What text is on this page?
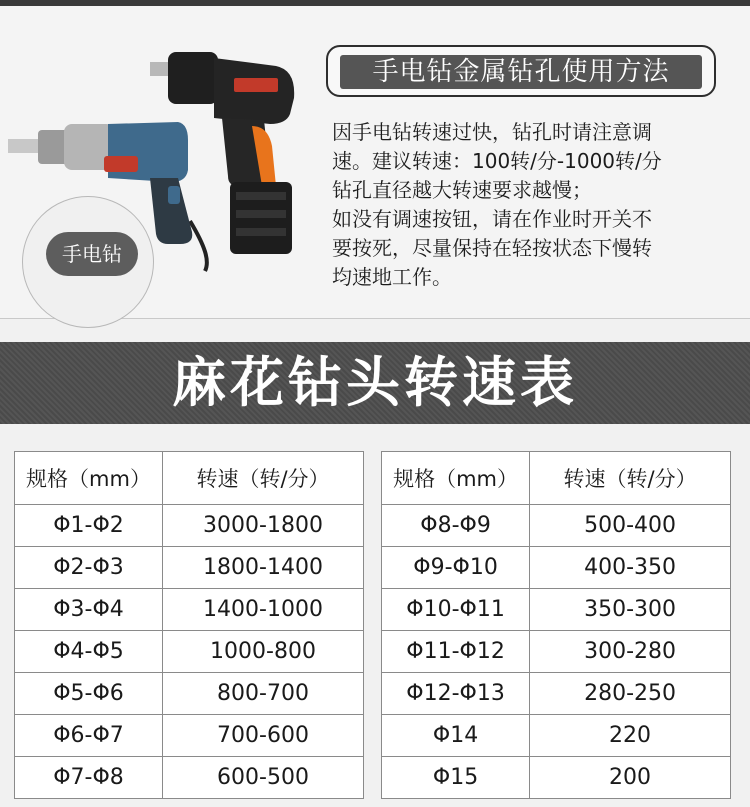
手电钻
手电钻金属钻孔使用方法

因手电钻转速过快，钻孔时请注意调

速。建议转速：100转/分-1000转/分

钻孔直径越大转速要求越慢；

如没有调速按钮，请在作业时开关不

要按死，尽量保持在轻按状态下慢转

均速地工作。

麻花钻头转速表
规格（mm）	转速（转/分）
Φ1-Φ2	3000-1800
Φ2-Φ3	1800-1400
Φ3-Φ4	1400-1000
Φ4-Φ5	1000-800
Φ5-Φ6	800-700
Φ6-Φ7	700-600
Φ7-Φ8	600-500
规格（mm）	转速（转/分）
Φ8-Φ9	500-400
Φ9-Φ10	400-350
Φ10-Φ11	350-300
Φ11-Φ12	300-280
Φ12-Φ13	280-250
Φ14	220
Φ15	200
